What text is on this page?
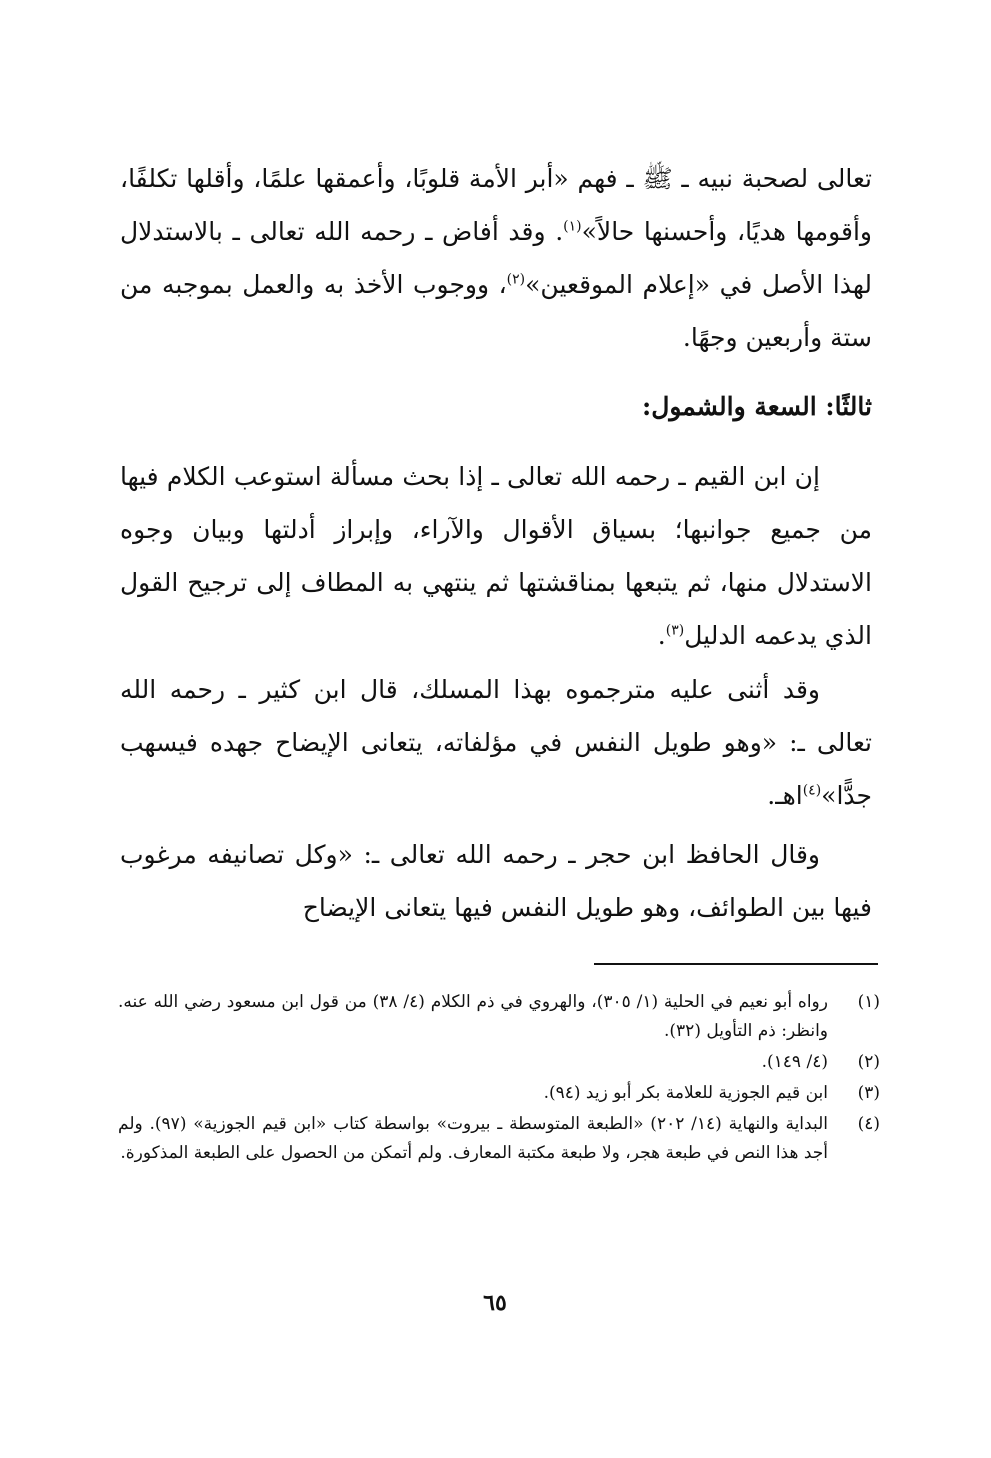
تعالى لصحبة نبيه ـ ﷺ ـ فهم «أبر الأمة قلوبًا، وأعمقها علمًا، وأقلها تكلفًا، وأقومها هديًا، وأحسنها حالاً»$^{(١)}$. وقد أفاض ـ رحمه الله تعالى ـ بالاستدلال لهذا الأصل في «إعلام الموقعين»$^{(٢)}$، ووجوب الأخذ به والعمل بموجبه من ستة وأربعين وجهًا.
ثالثًا: السعة والشمول:
إن ابن القيم ـ رحمه الله تعالى ـ إذا بحث مسألة استوعب الكلام فيها من جميع جوانبها؛ بسياق الأقوال والآراء، وإبراز أدلتها وبيان وجوه الاستدلال منها، ثم يتبعها بمناقشتها ثم ينتهي به المطاف إلى ترجيح القول الذي يدعمه الدليل$^{(٣)}$.
وقد أثنى عليه مترجموه بهذا المسلك، قال ابن كثير ـ رحمه الله تعالى ـ: «وهو طويل النفس في مؤلفاته، يتعانى الإيضاح جهده فيسهب جدًّا»$^{(٤)}$اهـ.
وقال الحافظ ابن حجر ـ رحمه الله تعالى ـ: «وكل تصانيفه مرغوب فيها بين الطوائف، وهو طويل النفس فيها يتعانى الإيضاح
(١)
رواه أبو نعيم في الحلية (١/ ٣٠٥)، والهروي في ذم الكلام (٤/ ٣٨) من قول ابن مسعود رضي الله عنه. وانظر: ذم التأويل (٣٢).
(٢)
(٤/ ١٤٩).
(٣)
ابن قيم الجوزية للعلامة بكر أبو زيد (٩٤).
(٤)
البداية والنهاية (١٤/ ٢٠٢) «الطبعة المتوسطة ـ بيروت» بواسطة كتاب «ابن قيم الجوزية» (٩٧). ولم أجد هذا النص في طبعة هجر، ولا طبعة مكتبة المعارف. ولم أتمكن من الحصول على الطبعة المذكورة.
٦٥
